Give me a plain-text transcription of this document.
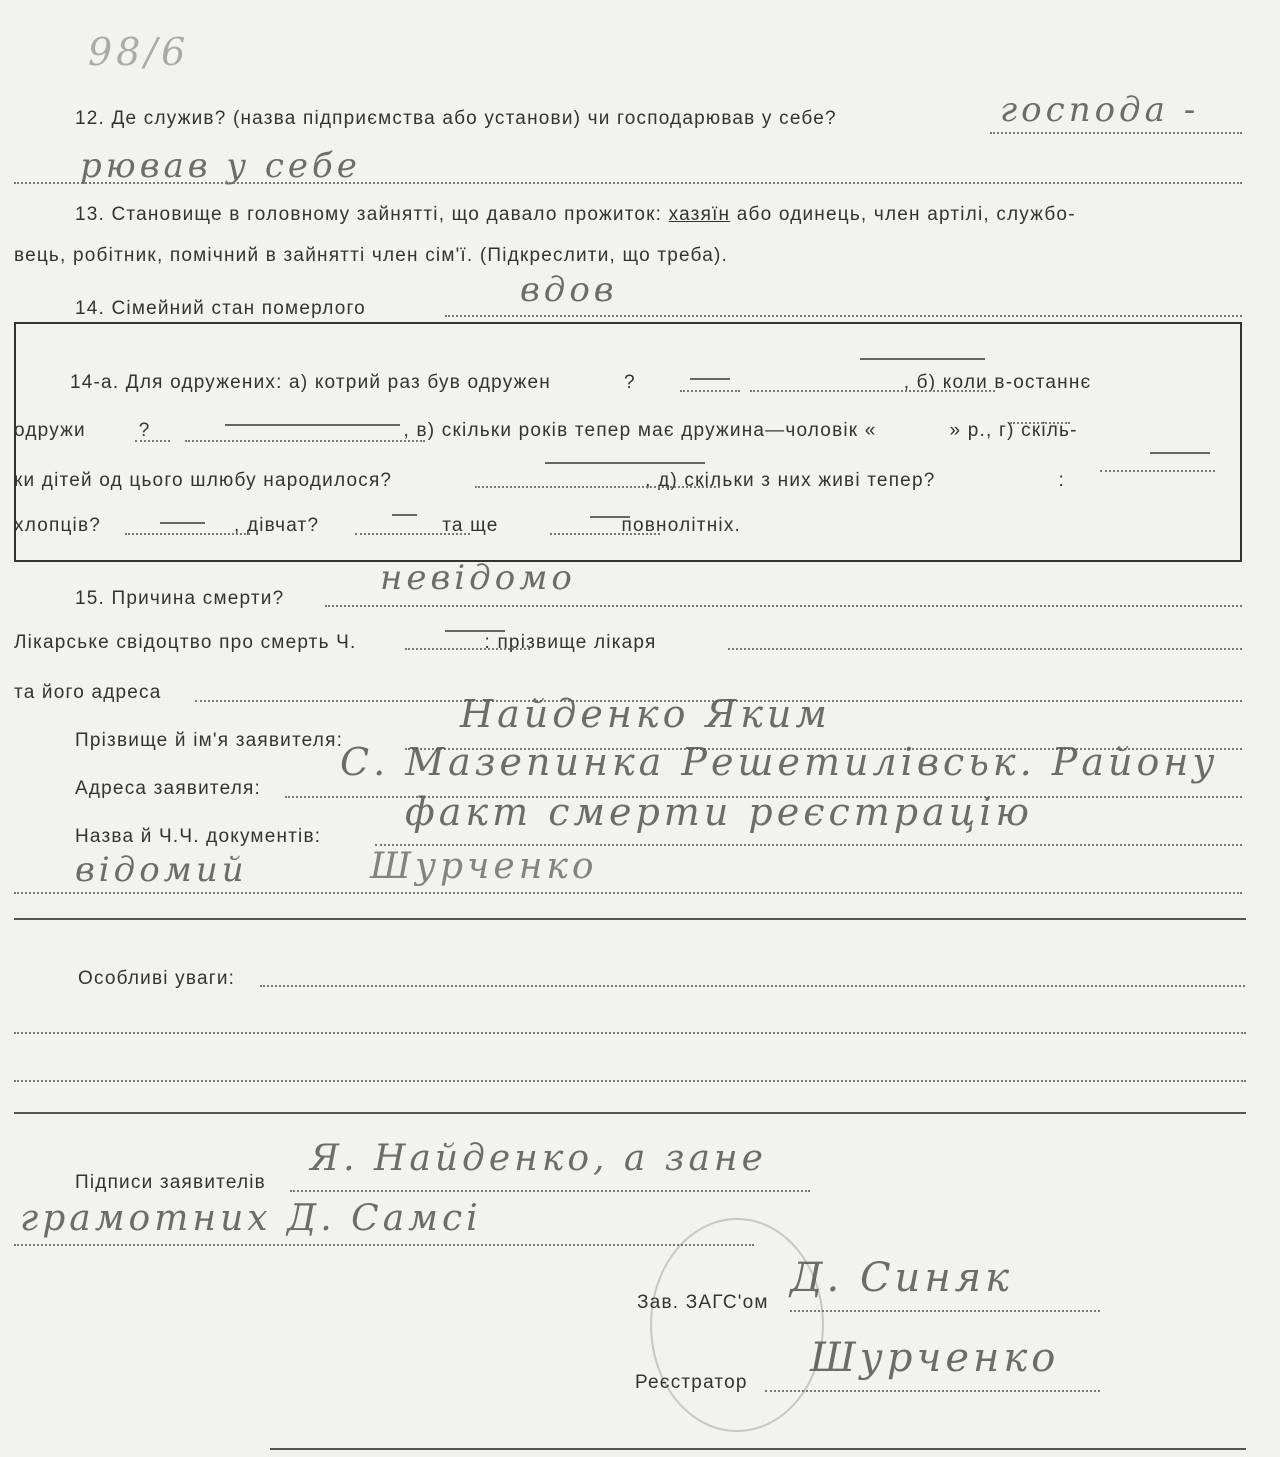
98/6
12. Де служив? (назва підприємства або установи) чи господарював у себе?	господа -
рював у себе
13. Становище в головному зайнятті, що давало прожиток: хазяїн або одинець, член артілі, службо-
вець, робітник, помічний в зайнятті член сім'ї. (Підкреслити, що треба).
14. Сімейний стан померлого	вдов
14-а. Для одружених: а) котрий раз був одружен	?	, б) коли в-останнє
одружи	?	, в) скільки років тепер має дружина—чоловік «	» р., г) скіль-
ки дітей од цього шлюбу народилося?	, д) скільки з них живі тепер?	:
хлопців?	, дівчат?	та ще	повнолітніх.
15. Причина смерти?
невідомо
Лікарське свідоцтво про смерть Ч.	: прізвище лікаря
та його адреса
Прізвище й ім'я заявителя:
Найденко Яким
Адреса заявителя:
С. Мазепинка Решетилівськ. Району
Назва й Ч.Ч. документів:
факт смерти реєстрацію
відомий	Шурченко
Особливі уваги:
Підписи заявителів
Я. Найденко, а зане
грамотних Д. Самсі
Зав. ЗАГС'ом
Д. Синяк
Реєстратор
Шурченко
